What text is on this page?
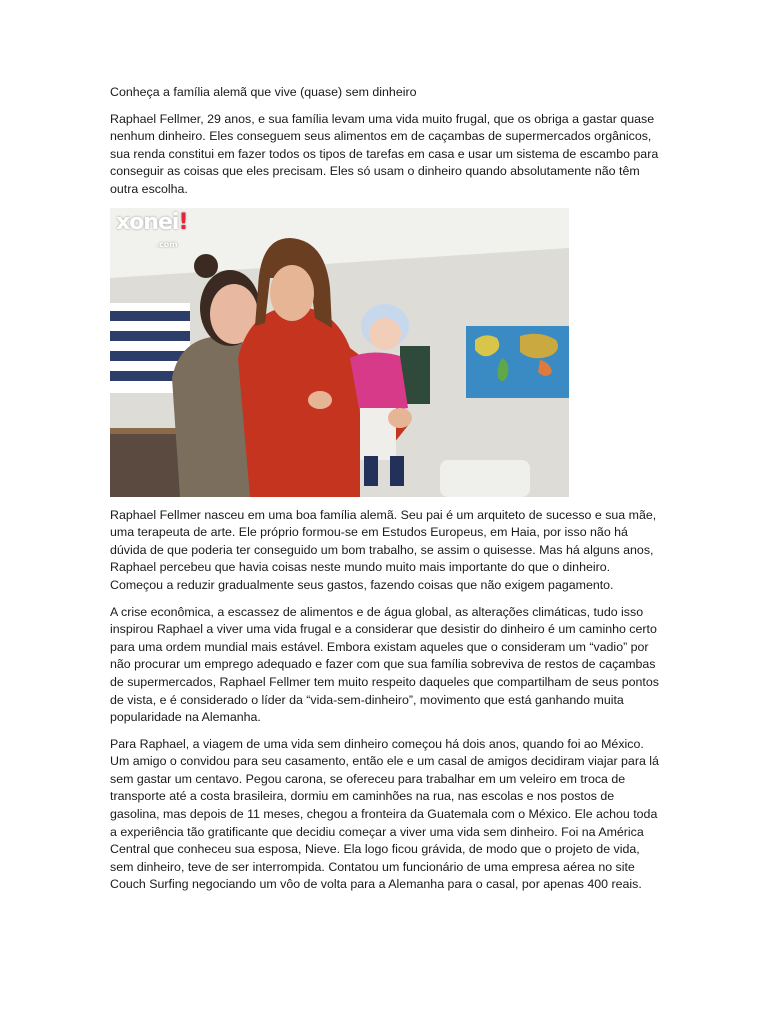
Conheça a família alemã que vive (quase) sem dinheiro

Raphael Fellmer, 29 anos, e sua família levam uma vida muito frugal, que os obriga a gastar quase nenhum dinheiro. Eles conseguem seus alimentos em de caçambas de supermercados orgânicos, sua renda constitui em fazer todos os tipos de tarefas em casa e usar um sistema de escambo para conseguir as coisas que eles precisam. Eles só usam o dinheiro quando absolutamente não têm outra escolha.

xonei!
.com

Raphael Fellmer nasceu em uma boa família alemã. Seu pai é um arquiteto de sucesso e sua mãe, uma terapeuta de arte. Ele próprio formou-se em Estudos Europeus, em Haia, por isso não há dúvida de que poderia ter conseguido um bom trabalho, se assim o quisesse. Mas há alguns anos, Raphael percebeu que havia coisas neste mundo muito mais importante do que o dinheiro. Começou a reduzir gradualmente seus gastos, fazendo coisas que não exigem pagamento.

A crise econômica, a escassez de alimentos e de água global, as alterações climáticas, tudo isso inspirou Raphael a viver uma vida frugal e a considerar que desistir do dinheiro é um caminho certo para uma ordem mundial mais estável. Embora existam aqueles que o consideram um “vadio” por não procurar um emprego adequado e fazer com que sua família sobreviva de restos de caçambas de supermercados, Raphael Fellmer tem muito respeito daqueles que compartilham de seus pontos de vista, e é considerado o líder da “vida-sem-dinheiro”, movimento que está ganhando muita popularidade na Alemanha.

Para Raphael, a viagem de uma vida sem dinheiro começou há dois anos, quando foi ao México. Um amigo o convidou para seu casamento, então ele e um casal de amigos decidiram viajar para lá sem gastar um centavo. Pegou carona, se ofereceu para trabalhar em um veleiro em troca de transporte até a costa brasileira, dormiu em caminhões na rua, nas escolas e nos postos de gasolina, mas depois de 11 meses, chegou a fronteira da Guatemala com o México. Ele achou toda a experiência tão gratificante que decidiu começar a viver uma vida sem dinheiro. Foi na América Central que conheceu sua esposa, Nieve. Ela logo ficou grávida, de modo que o projeto de vida, sem dinheiro, teve de ser interrompida. Contatou um funcionário de uma empresa aérea no site Couch Surfing negociando um vôo de volta para a Alemanha para o casal, por apenas 400 reais.
